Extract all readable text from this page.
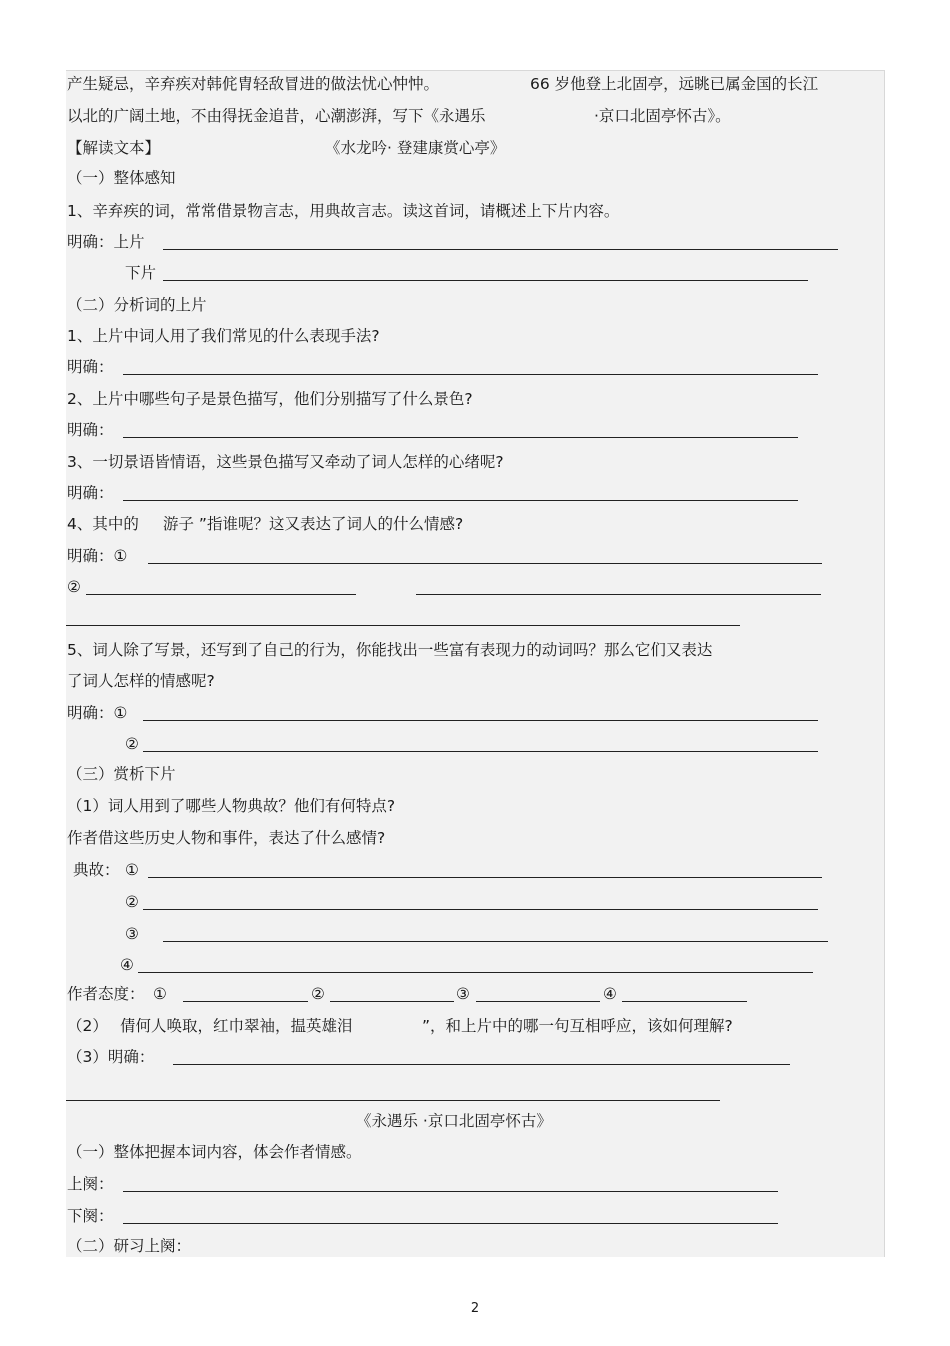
产生疑忌，辛弃疾对韩侂胄轻敌冒进的做法忧心忡忡。	66 岁他登上北固亭，远眺已属金国的长江
以北的广阔土地，不由得抚金追昔，心潮澎湃，写下《永遇乐	·京口北固亭怀古》。
【解读文本】	《水龙吟· 登建康赏心亭》
（一）整体感知
1、辛弃疾的词，常常借景物言志，用典故言志。读这首词，请概述上下片内容。
明确：上片
下片
（二）分析词的上片
1、上片中词人用了我们常见的什么表现手法?
明确：
2、上片中哪些句子是景色描写，他们分别描写了什么景色?
明确：
3、一切景语皆情语，这些景色描写又牵动了词人怎样的心绪呢?
明确：
4、其中的 游子 ”指谁呢？这又表达了词人的什么情感?
明确：①
②
5、词人除了写景，还写到了自己的行为，你能找出一些富有表现力的动词吗？那么它们又表达
了词人怎样的情感呢?
明确：①
②
（三）赏析下片
（1）词人用到了哪些人物典故？他们有何特点?
作者借这些历史人物和事件，表达了什么感情?
典故： ①
②
③
④
作者态度： ①	②	③	④
（2） 倩何人唤取，红巾翠袖，揾英雄泪	”，和上片中的哪一句互相呼应，该如何理解?
（3）明确：
《永遇乐 ·京口北固亭怀古》
（一）整体把握本词内容，体会作者情感。
上阕：
下阕：
（二）研习上阕：
2
